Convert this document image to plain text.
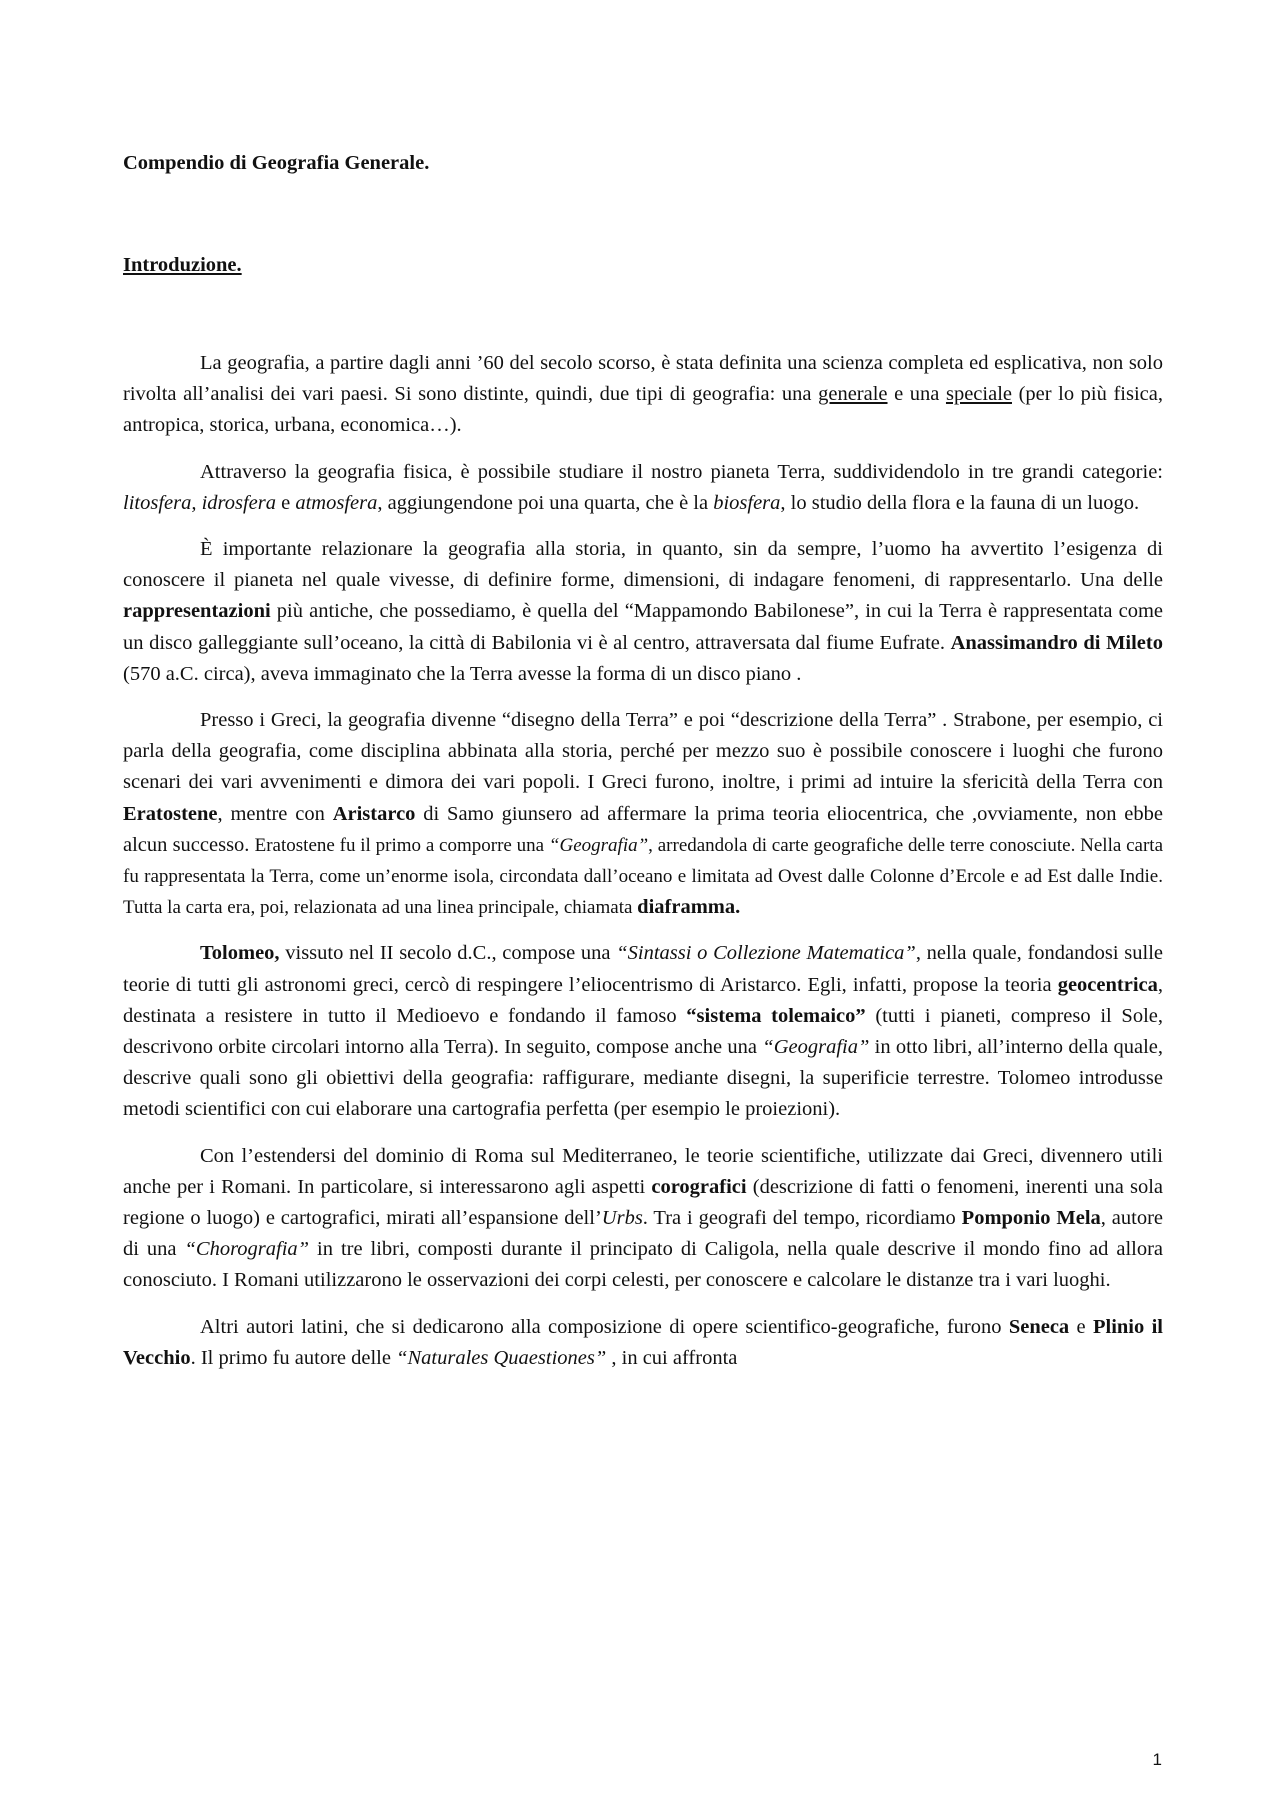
Compendio di Geografia Generale.
Introduzione.

La geografia, a partire dagli anni ’60 del secolo scorso, è stata definita una scienza completa ed esplicativa, non solo rivolta all’analisi dei vari paesi. Si sono distinte, quindi, due tipi di geografia: una generale e una speciale (per lo più fisica, antropica, storica, urbana, economica…).

Attraverso la geografia fisica, è possibile studiare il nostro pianeta Terra, suddividendolo in tre grandi categorie: litosfera, idrosfera e atmosfera, aggiungendone poi una quarta, che è la biosfera, lo studio della flora e la fauna di un luogo.

È importante relazionare la geografia alla storia, in quanto, sin da sempre, l’uomo ha avvertito l’esigenza di conoscere il pianeta nel quale vivesse, di definire forme, dimensioni, di indagare fenomeni, di rappresentarlo. Una delle rappresentazioni più antiche, che possediamo, è quella del “Mappamondo Babilonese”, in cui la Terra è rappresentata come un disco galleggiante sull’oceano, la città di Babilonia vi è al centro, attraversata dal fiume Eufrate. Anassimandro di Mileto (570 a.C. circa), aveva immaginato che la Terra avesse la forma di un disco piano .

Presso i Greci, la geografia divenne “disegno della Terra” e poi “descrizione della Terra” . Strabone, per esempio, ci parla della geografia, come disciplina abbinata alla storia, perché per mezzo suo è possibile conoscere i luoghi che furono scenari dei vari avvenimenti e dimora dei vari popoli. I Greci furono, inoltre, i primi ad intuire la sfericità della Terra con Eratostene, mentre con Aristarco di Samo giunsero ad affermare la prima teoria eliocentrica, che ,ovviamente, non ebbe alcun successo. Eratostene fu il primo a comporre una “Geografia”, arredandola di carte geografiche delle terre conosciute. Nella carta fu rappresentata la Terra, come un’enorme isola, circondata dall’oceano e limitata ad Ovest dalle Colonne d’Ercole e ad Est dalle Indie. Tutta la carta era, poi, relazionata ad una linea principale, chiamata diaframma.

Tolomeo, vissuto nel II secolo d.C., compose una “Sintassi o Collezione Matematica”, nella quale, fondandosi sulle teorie di tutti gli astronomi greci, cercò di respingere l’eliocentrismo di Aristarco. Egli, infatti, propose la teoria geocentrica, destinata a resistere in tutto il Medioevo e fondando il famoso “sistema tolemaico” (tutti i pianeti, compreso il Sole, descrivono orbite circolari intorno alla Terra). In seguito, compose anche una “Geografia” in otto libri, all’interno della quale, descrive quali sono gli obiettivi della geografia: raffigurare, mediante disegni, la superificie terrestre. Tolomeo introdusse metodi scientifici con cui elaborare una cartografia perfetta (per esempio le proiezioni).

Con l’estendersi del dominio di Roma sul Mediterraneo, le teorie scientifiche, utilizzate dai Greci, divennero utili anche per i Romani. In particolare, si interessarono agli aspetti corografici (descrizione di fatti o fenomeni, inerenti una sola regione o luogo) e cartografici, mirati all’espansione dell’Urbs. Tra i geografi del tempo, ricordiamo Pomponio Mela, autore di una “Chorografia” in tre libri, composti durante il principato di Caligola, nella quale descrive il mondo fino ad allora conosciuto. I Romani utilizzarono le osservazioni dei corpi celesti, per conoscere e calcolare le distanze tra i vari luoghi.

Altri autori latini, che si dedicarono alla composizione di opere scientifico-geografiche, furono Seneca e Plinio il Vecchio. Il primo fu autore delle “Naturales Quaestiones” , in cui affronta

1
